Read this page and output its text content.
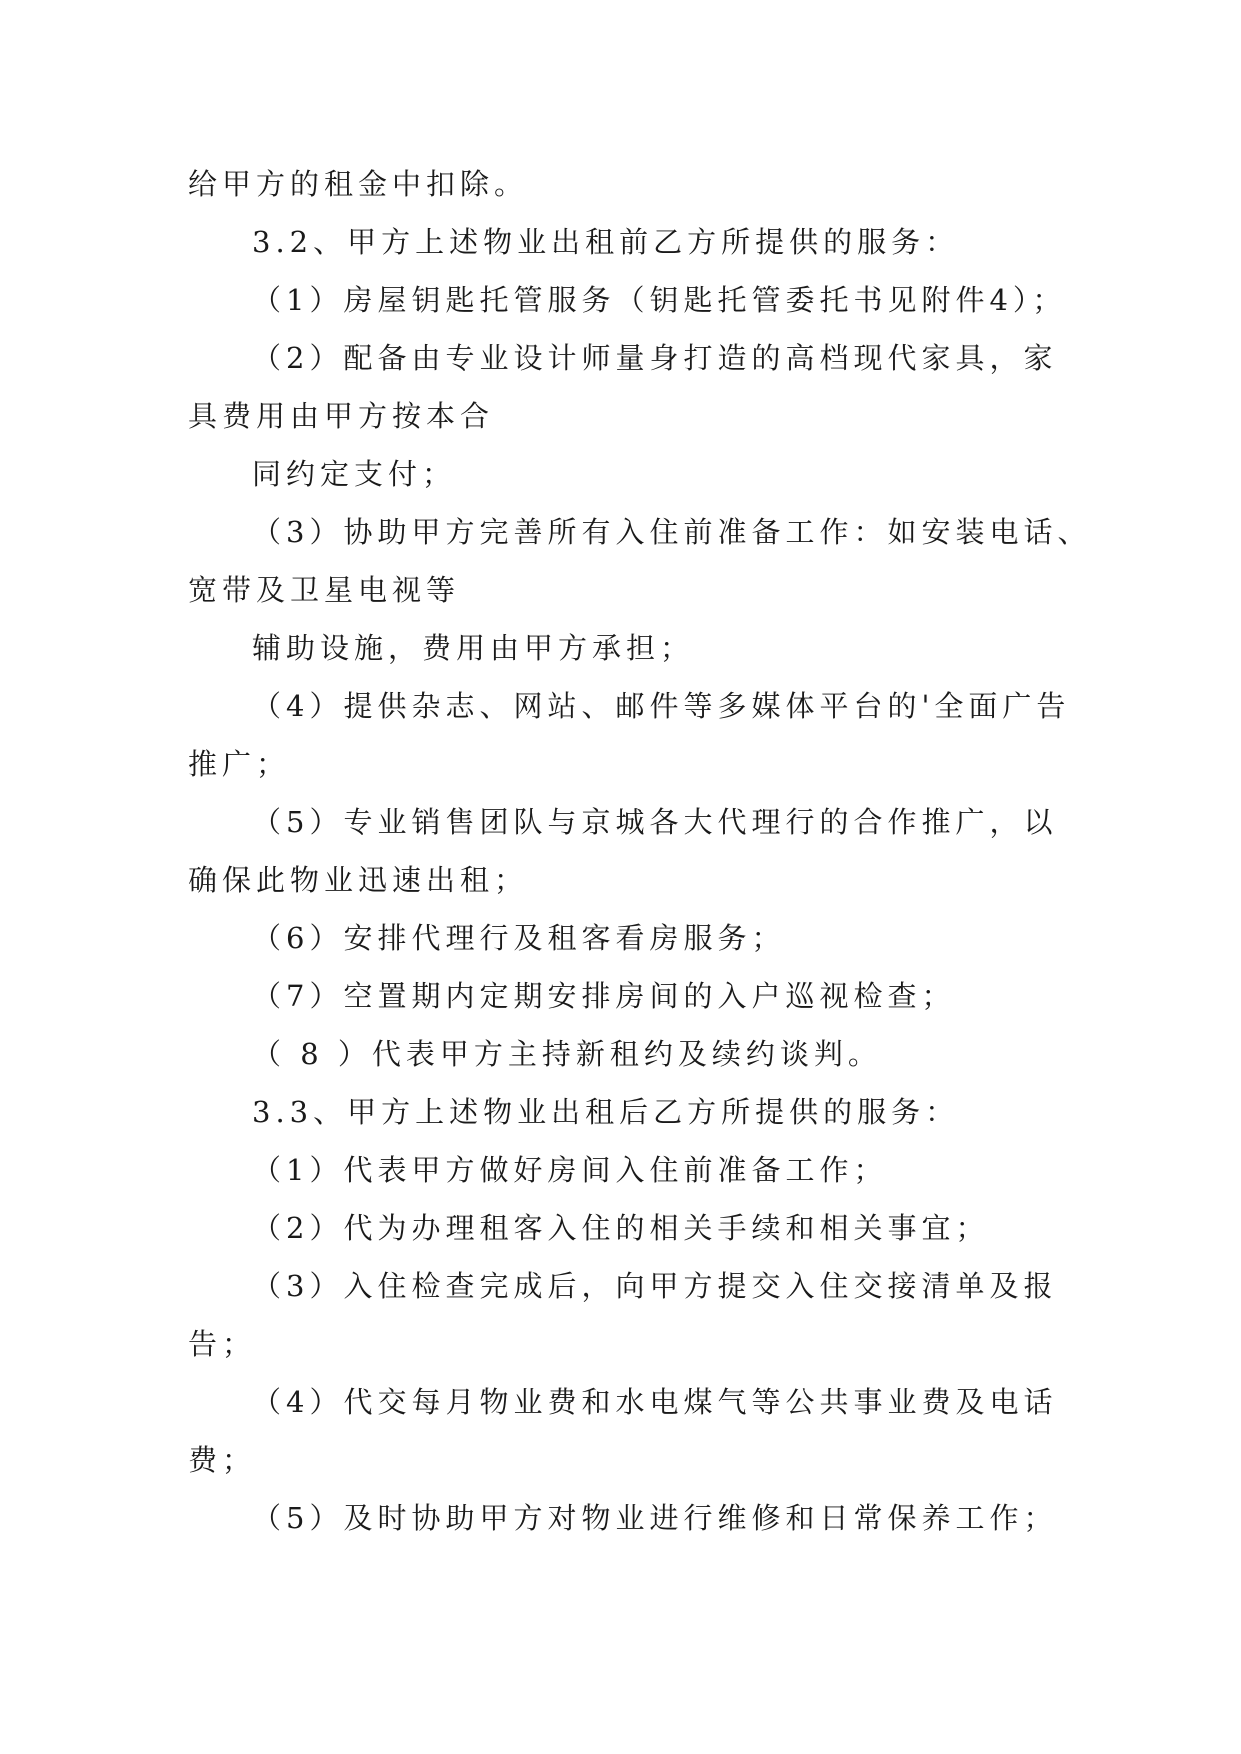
给甲方的租金中扣除。
3.2、甲方上述物业出租前乙方所提供的服务：
（1）房屋钥匙托管服务（钥匙托管委托书见附件4）；
（2）配备由专业设计师量身打造的高档现代家具，家
具费用由甲方按本合
同约定支付；
（3）协助甲方完善所有入住前准备工作：如安装电话、
宽带及卫星电视等
辅助设施，费用由甲方承担；
（4）提供杂志、网站、邮件等多媒体平台的'全面广告
推广；
（5）专业销售团队与京城各大代理行的合作推广，以
确保此物业迅速出租；
（6）安排代理行及租客看房服务；
（7）空置期内定期安排房间的入户巡视检查；
（ 8 ）代表甲方主持新租约及续约谈判。
3.3、甲方上述物业出租后乙方所提供的服务：
（1）代表甲方做好房间入住前准备工作；
（2）代为办理租客入住的相关手续和相关事宜；
（3）入住检查完成后，向甲方提交入住交接清单及报
告；
（4）代交每月物业费和水电煤气等公共事业费及电话
费；
（5）及时协助甲方对物业进行维修和日常保养工作；
